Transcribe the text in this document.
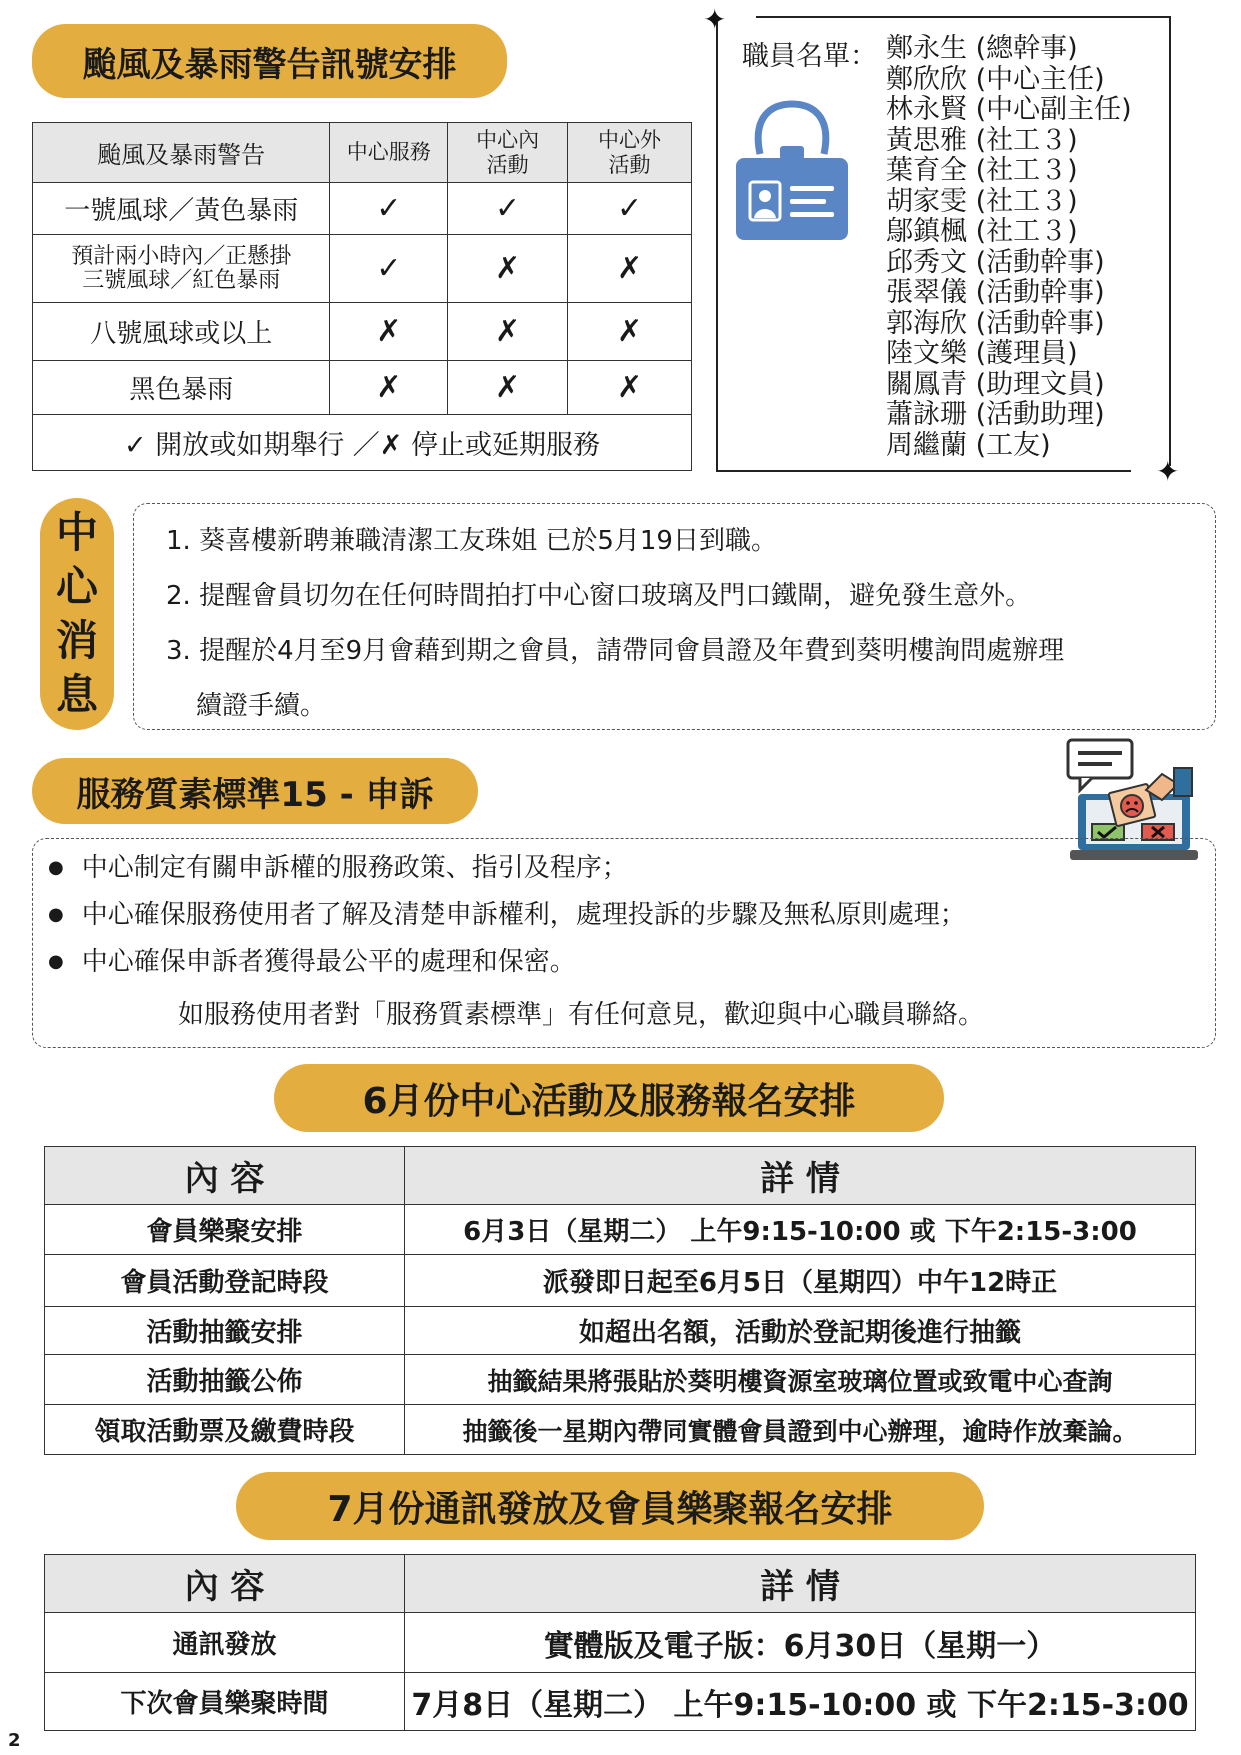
颱風及暴雨警告訊號安排
颱風及暴雨警告	中心服務	中心內活動	中心外活動
一號風球／黃色暴雨	✓	✓	✓

預計兩小時內／正懸掛
三號風球／紅色暴雨	✓	✗	✗
八號風球或以上	✗	✗	✗
黑色暴雨	✗	✗	✗
✓ 開放或如期舉行 ／✗ 停止或延期服務			
✦
✦
職員名單： 鄭永生 (總幹事)
鄭欣欣 (中心主任)
林永賢 (中心副主任)
黃思雅 (社工３)
葉育全 (社工３)
胡家雯 (社工３)
鄔鎮楓 (社工３)
邱秀文 (活動幹事)
張翠儀 (活動幹事)
郭海欣 (活動幹事)
陸文樂 (護理員)
關鳳青 (助理文員)
蕭詠珊 (活動助理)
周繼蘭 (工友)
中
心
消
息
1. 葵喜樓新聘兼職清潔工友珠姐 已於5月19日到職。
2. 提醒會員切勿在任何時間拍打中心窗口玻璃及門口鐵閘，避免發生意外。
3. 提醒於4月至9月會藉到期之會員，請帶同會員證及年費到葵明樓詢問處辦理
續證手續。
服務質素標準15 - 申訴
● 中心制定有關申訴權的服務政策、指引及程序；
● 中心確保服務使用者了解及清楚申訴權利，處理投訴的步驟及無私原則處理；
● 中心確保申訴者獲得最公平的處理和保密。
如服務使用者對「服務質素標準」有任何意見，歡迎與中心職員聯絡。
6月份中心活動及服務報名安排
內 容	詳 情
會員樂聚安排	6月3日（星期二） 上午9:15-10:00 或 下午2:15-3:00
會員活動登記時段	派發即日起至6月5日（星期四）中午12時正
活動抽籤安排	如超出名額，活動於登記期後進行抽籤
活動抽籤公佈	抽籤結果將張貼於葵明樓資源室玻璃位置或致電中心查詢
領取活動票及繳費時段	抽籤後一星期內帶同實體會員證到中心辦理，逾時作放棄論。
7月份通訊發放及會員樂聚報名安排
內 容	詳 情
通訊發放	實體版及電子版：6月30日（星期一）
下次會員樂聚時間	7月8日（星期二） 上午9:15-10:00 或 下午2:15-3:00
2
